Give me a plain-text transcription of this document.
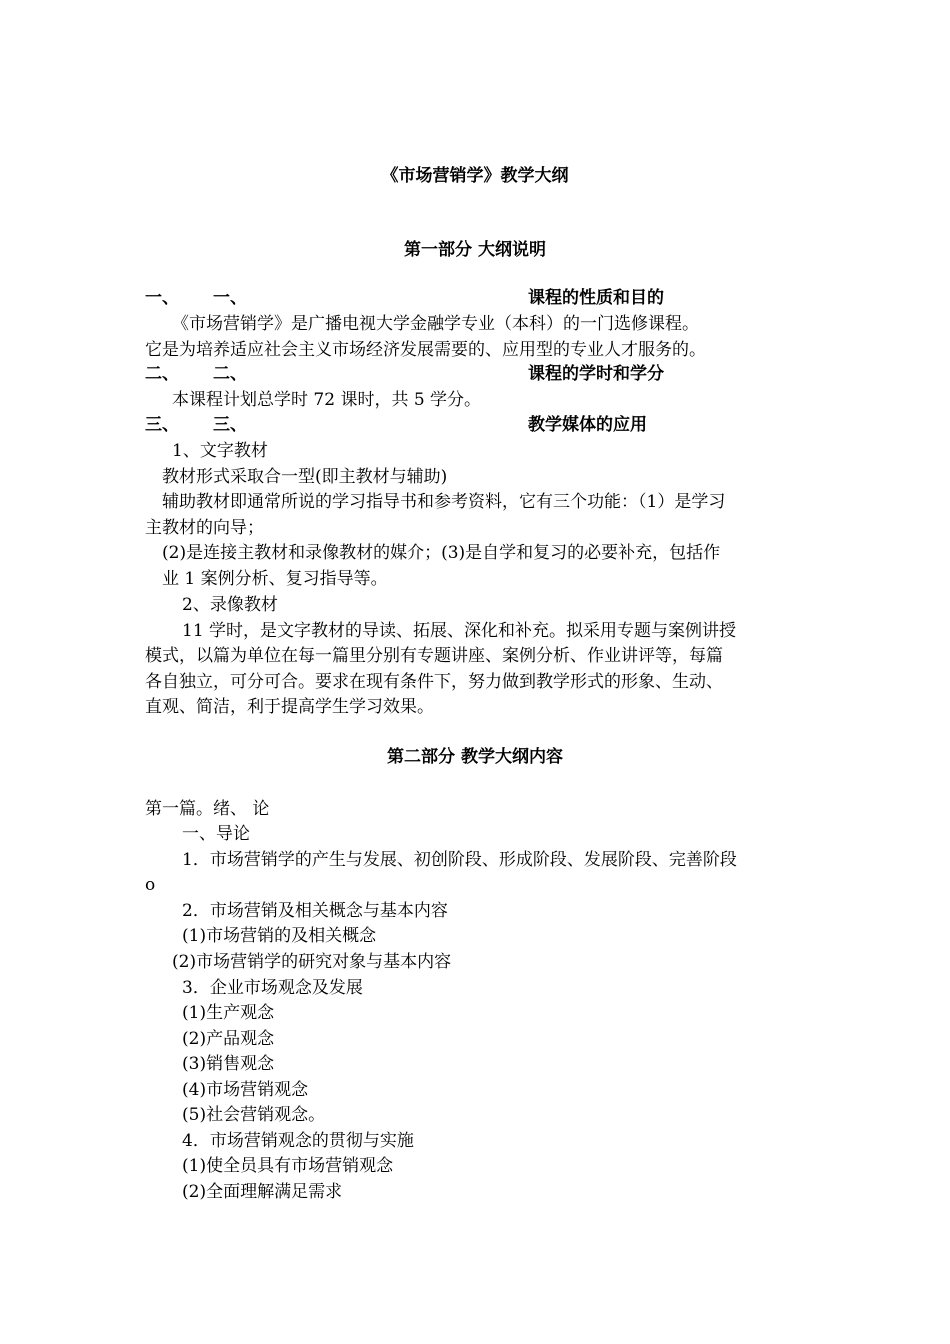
《市场营销学》教学大纲
第一部分 大纲说明
一、 一、	课程的性质和目的
《市场营销学》是广播电视大学金融学专业（本科）的一门选修课程。
它是为培养适应社会主义市场经济发展需要的、应用型的专业人才服务的。
二、 二、	课程的学时和学分
本课程计划总学时 72 课时，共 5 学分。
三、 三、	教学媒体的应用
1、文字教材
教材形式采取合一型(即主教材与辅助)
辅助教材即通常所说的学习指导书和参考资料，它有三个功能：（1）是学习
主教材的向导；
(2)是连接主教材和录像教材的媒介；(3)是自学和复习的必要补充，包括作
业 1 案例分析、复习指导等。
2、录像教材
11 学时，是文字教材的导读、拓展、深化和补充。拟采用专题与案例讲授
模式，以篇为单位在每一篇里分别有专题讲座、案例分析、作业讲评等，每篇
各自独立，可分可合。要求在现有条件下，努力做到教学形式的形象、生动、
直观、简洁，利于提高学生学习效果。
第二部分 教学大纲内容
第一篇。绪、 论
一、导论
1．市场营销学的产生与发展、初创阶段、形成阶段、发展阶段、完善阶段
o
2．市场营销及相关概念与基本内容
(1)市场营销的及相关概念
(2)市场营销学的研究对象与基本内容
3．企业市场观念及发展
(1)生产观念
(2)产品观念
(3)销售观念
(4)市场营销观念
(5)社会营销观念。
4．市场营销观念的贯彻与实施
(1)使全员具有市场营销观念
(2)全面理解满足需求
